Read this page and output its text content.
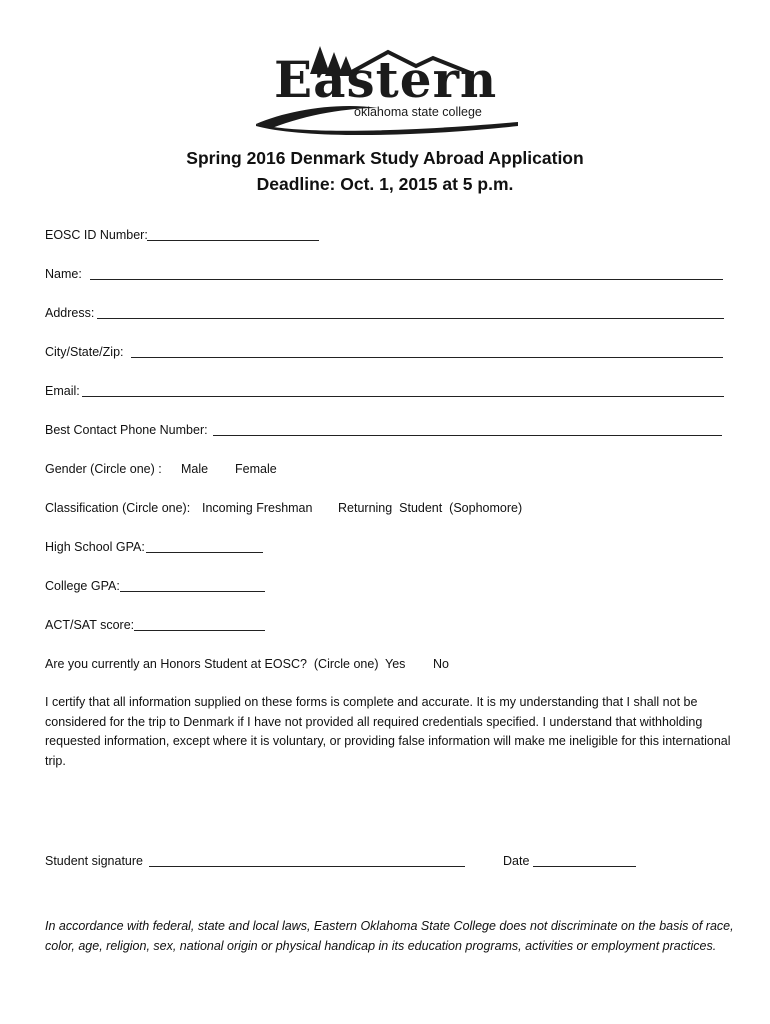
Eastern
oklahoma state college
Spring 2016 Denmark Study Abroad Application
Deadline: Oct. 1, 2015 at 5 p.m.
EOSC ID Number:
Name:
Address:
City/State/Zip:
Email:
Best Contact Phone Number:
Gender (Circle one) : Male Female
Classification (Circle one): Incoming Freshman Returning  Student  (Sophomore)
High School GPA:
College GPA:
ACT/SAT score:
Are you currently an Honors Student at EOSC?  (Circle one) Yes No
I certify that all information supplied on these forms is complete and accurate. It is my understanding that I shall not be considered for the trip to Denmark if I have not provided all required credentials specified. I understand that withholding requested information, except where it is voluntary, or providing false information will make me ineligible for this international trip.
Student signature	Date
In accordance with federal, state and local laws, Eastern Oklahoma State College does not discriminate on the basis of race, color, age, religion, sex, national origin or physical handicap in its education programs, activities or employment practices.
